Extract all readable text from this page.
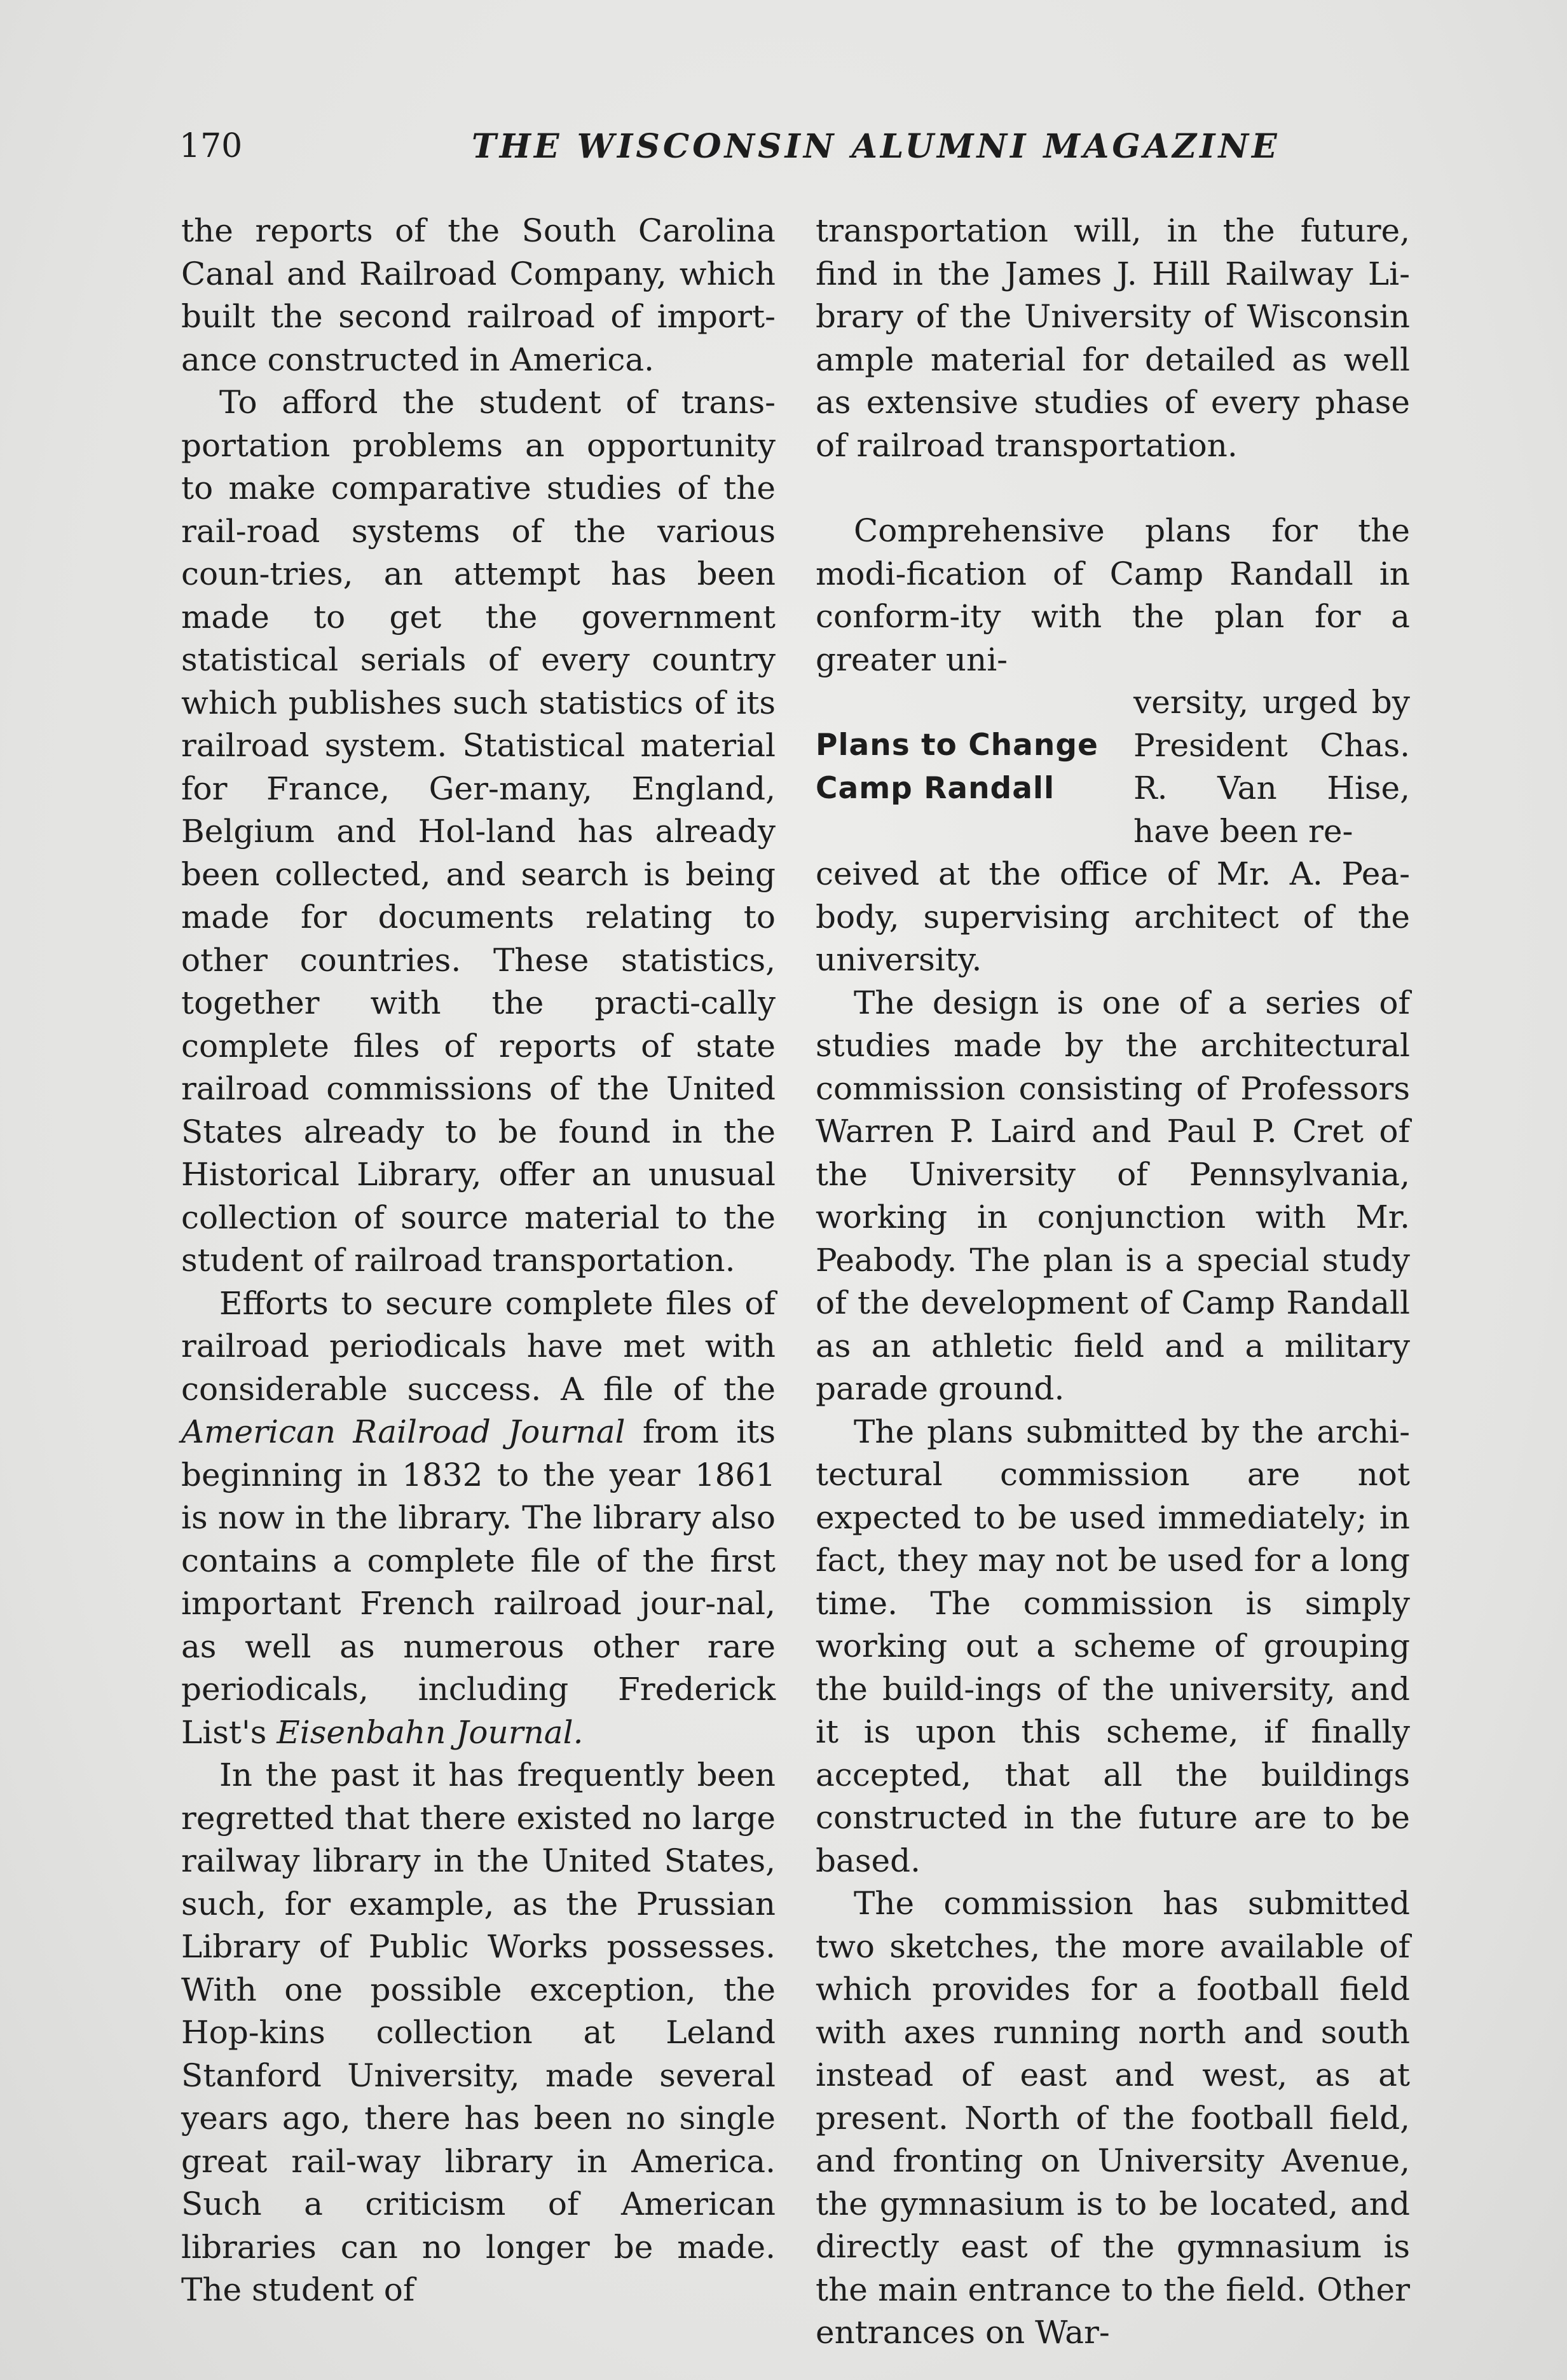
170	THE WISCONSIN ALUMNI MAGAZINE

the reports of the South Carolina Canal and Railroad Company, which built the second railroad of import-ance constructed in America.

To afford the student of trans-portation problems an opportunity to make comparative studies of the rail-road systems of the various coun-tries, an attempt has been made to get the government statistical serials of every country which publishes such statistics of its railroad system. Statistical material for France, Ger-many, England, Belgium and Hol-land has already been collected, and search is being made for documents relating to other countries. These statistics, together with the practi-cally complete files of reports of state railroad commissions of the United States already to be found in the Historical Library, offer an unusual collection of source material to the student of railroad transportation.

Efforts to secure complete files of railroad periodicals have met with considerable success. A file of the American Railroad Journal from its beginning in 1832 to the year 1861 is now in the library. The library also contains a complete file of the first important French railroad jour-nal, as well as numerous other rare periodicals, including Frederick List's Eisenbahn Journal.

In the past it has frequently been regretted that there existed no large railway library in the United States, such, for example, as the Prussian Library of Public Works possesses. With one possible exception, the Hop-kins collection at Leland Stanford University, made several years ago, there has been no single great rail-way library in America. Such a criticism of American libraries can no longer be made. The student of

transportation will, in the future, find in the James J. Hill Railway Li-brary of the University of Wisconsin ample material for detailed as well as extensive studies of every phase of railroad transportation.

Comprehensive plans for the modi-fication of Camp Randall in conform-ity with the plan for a greater uni-

Plans to Change
Camp Randall

versity, urged by President Chas. R. Van Hise, have been re-

ceived at the office of Mr. A. Pea-body, supervising architect of the university.

The design is one of a series of studies made by the architectural commission consisting of Professors Warren P. Laird and Paul P. Cret of the University of Pennsylvania, working in conjunction with Mr. Peabody. The plan is a special study of the development of Camp Randall as an athletic field and a military parade ground.

The plans submitted by the archi-tectural commission are not expected to be used immediately; in fact, they may not be used for a long time. The commission is simply working out a scheme of grouping the build-ings of the university, and it is upon this scheme, if finally accepted, that all the buildings constructed in the future are to be based.

The commission has submitted two sketches, the more available of which provides for a football field with axes running north and south instead of east and west, as at present. North of the football field, and fronting on University Avenue, the gymnasium is to be located, and directly east of the gymnasium is the main entrance to the field. Other entrances on War-
